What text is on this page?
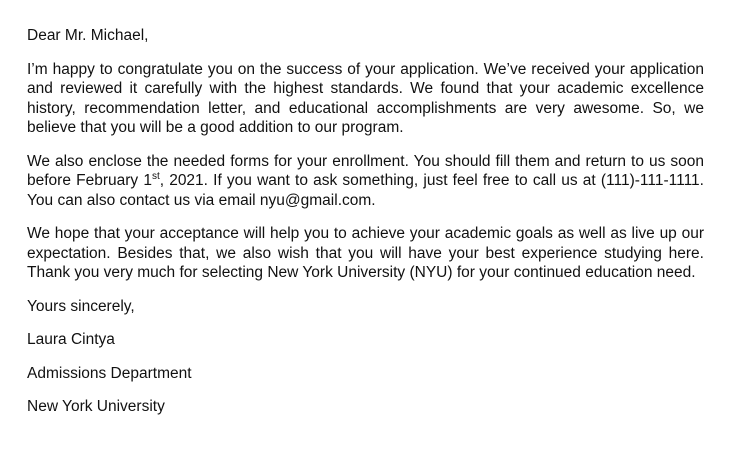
Dear Mr. Michael,

I’m happy to congratulate you on the success of your application. We’ve received your application and reviewed it carefully with the highest standards. We found that your academic excellence history, recommendation letter, and educational accomplishments are very awesome. So, we believe that you will be a good addition to our program.

We also enclose the needed forms for your enrollment. You should fill them and return to us soon before February 1st, 2021. If you want to ask something, just feel free to call us at (111)-111-1111. You can also contact us via email nyu@gmail.com.

We hope that your acceptance will help you to achieve your academic goals as well as live up our expectation. Besides that, we also wish that you will have your best experience studying here. Thank you very much for selecting New York University (NYU) for your continued education need.

Yours sincerely,

Laura Cintya

Admissions Department

New York University
